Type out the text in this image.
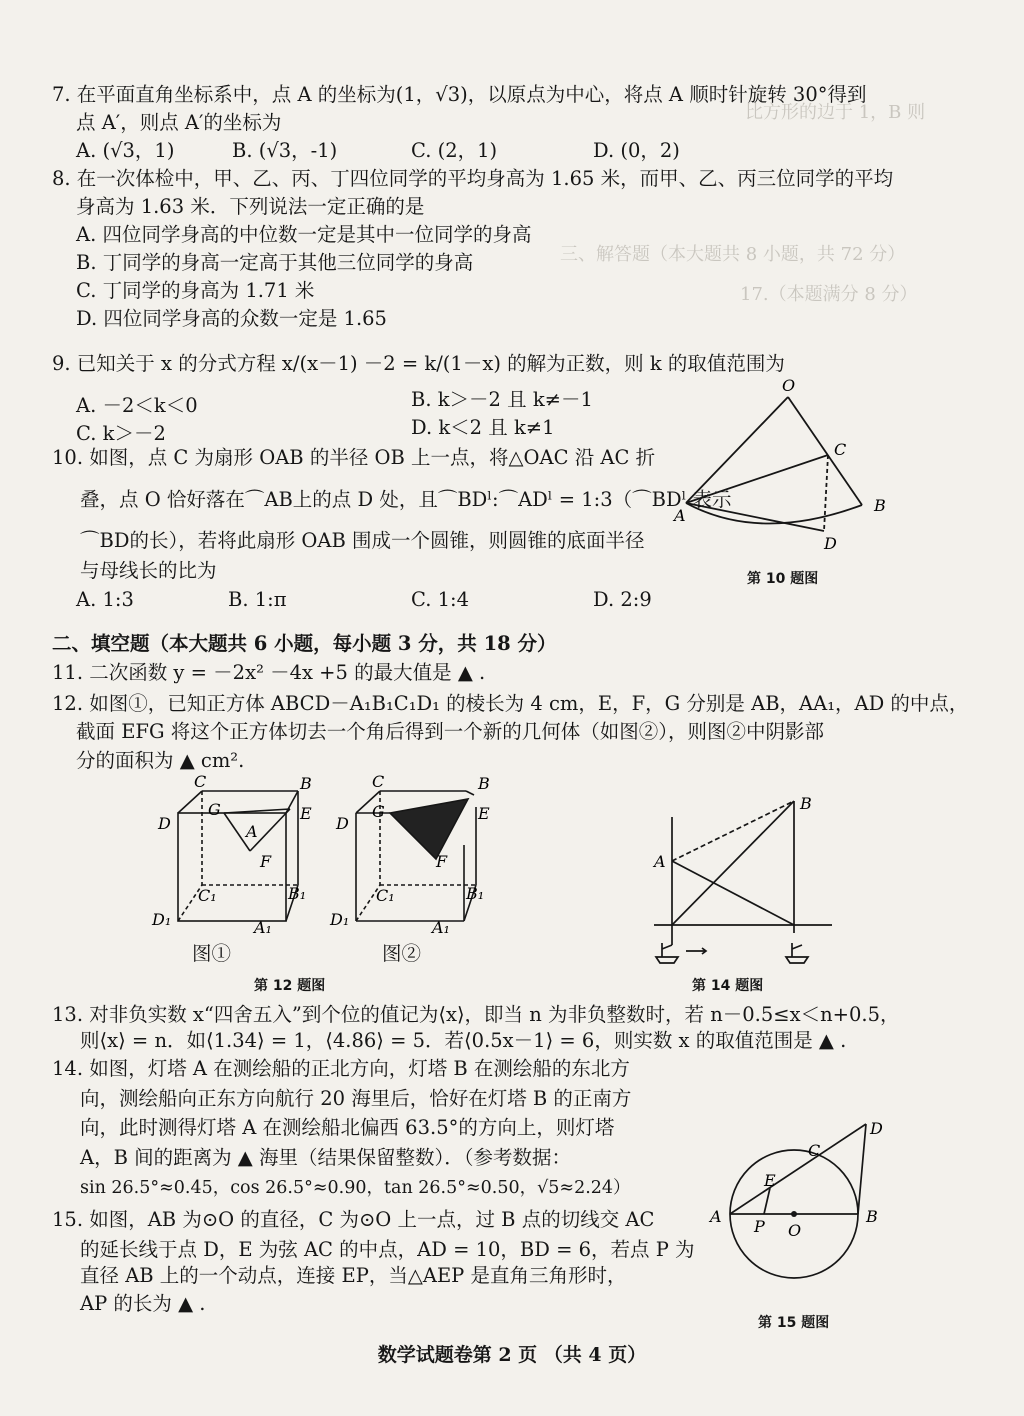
比方形的边于 1，B 则
三、解答题（本大题共 8 小题，共 72 分）
17.（本题满分 8 分）
7. 在平面直角坐标系中，点 A 的坐标为(1，√3)，以原点为中心，将点 A 顺时针旋转 30°得到
点 A′，则点 A′的坐标为
A. (√3，1)	B. (√3，-1)	C. (2，1)	D. (0，2)
8. 在一次体检中，甲、乙、丙、丁四位同学的平均身高为 1.65 米，而甲、乙、丙三位同学的平均
身高为 1.63 米．下列说法一定正确的是
A. 四位同学身高的中位数一定是其中一位同学的身高
B. 丁同学的身高一定高于其他三位同学的身高
C. 丁同学的身高为 1.71 米
D. 四位同学身高的众数一定是 1.65
9. 已知关于 x 的分式方程 x/(x－1) －2 = k/(1－x) 的解为正数，则 k 的取值范围为
A. －2＜k＜0	B. k＞－2 且 k≠－1
C. k＞－2	D. k＜2 且 k≠1
10. 如图，点 C 为扇形 OAB 的半径 OB 上一点，将△OAC 沿 AC 折
叠，点 O 恰好落在⌒AB上的点 D 处，且⌒BDˡ:⌒ADˡ = 1:3（⌒BDˡ 表示
⌒BD的长），若将此扇形 OAB 围成一个圆锥，则圆锥的底面半径
与母线长的比为
A. 1:3	B. 1:π	C. 1:4	D. 2:9
O
C
A
B
D
第 10 题图
二、填空题（本大题共 6 小题，每小题 3 分，共 18 分）
11. 二次函数 y = －2x² －4x +5 的最大值是 ▲ .
12. 如图①，已知正方体 ABCD－A₁B₁C₁D₁ 的棱长为 4 cm，E，F，G 分别是 AB，AA₁，AD 的中点，
截面 EFG 将这个正方体切去一个角后得到一个新的几何体（如图②），则图②中阴影部
分的面积为 ▲ cm².
C	B
G	E
D	A
F
C₁	B₁
D₁	A₁
图①
C	B
G	E
D
F
C₁	B₁
D₁	A₁
图②
第 12 题图
B
A
第 14 题图
13. 对非负实数 x“四舍五入”到个位的值记为⟨x⟩，即当 n 为非负整数时，若 n－0.5≤x＜n+0.5，
则⟨x⟩ = n．如⟨1.34⟩ = 1，⟨4.86⟩ = 5．若⟨0.5x－1⟩ = 6，则实数 x 的取值范围是 ▲ .
14. 如图，灯塔 A 在测绘船的正北方向，灯塔 B 在测绘船的东北方
向，测绘船向正东方向航行 20 海里后，恰好在灯塔 B 的正南方
向，此时测得灯塔 A 在测绘船北偏西 63.5°的方向上，则灯塔
A，B 间的距离为 ▲ 海里（结果保留整数）．（参考数据：
sin 26.5°≈0.45，cos 26.5°≈0.90，tan 26.5°≈0.50，√5≈2.24）
15. 如图，AB 为⊙O 的直径，C 为⊙O 上一点，过 B 点的切线交 AC
的延长线于点 D，E 为弦 AC 的中点，AD = 10，BD = 6，若点 P 为
直径 AB 上的一个动点，连接 EP，当△AEP 是直角三角形时，
AP 的长为 ▲ .
D
C
E
A
P O
B
第 15 题图
数学试题卷第 2 页 （共 4 页）
